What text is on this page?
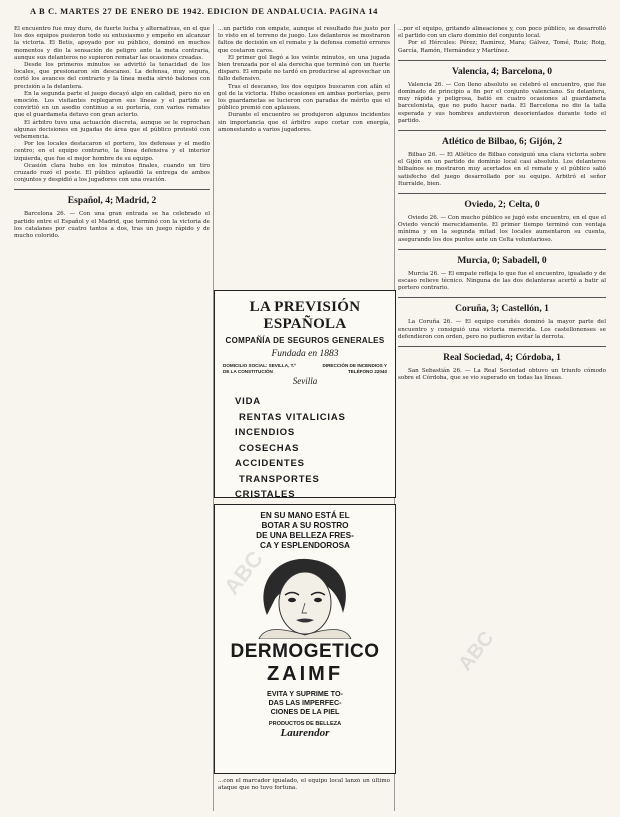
A B C. MARTES 27 DE ENERO DE 1942. EDICION DE ANDALUCIA. PAGINA 14

El encuentro fue muy duro, de fuerte lucha y alternativas, en el que los dos equipos pusieron todo su entusiasmo y empeño en alcanzar la victoria. El Betis, apoyado por su público, dominó en muchos momentos y dio la sensación de peligro ante la meta contraria, aunque sus delanteros no supieron rematar las ocasiones creadas.

Desde los primeros minutos se advirtió la tenacidad de los locales, que presionaron sin descanso. La defensa, muy segura, cortó los avances del contrario y la línea media sirvió balones con precisión a la delantera.

En la segunda parte el juego decayó algo en calidad, pero no en emoción. Los visitantes replegaron sus líneas y el partido se convirtió en un asedio continuo a su portería, con varios remates que el guardameta detuvo con gran acierto.

El árbitro tuvo una actuación discreta, aunque se le reprochan algunas decisiones en jugadas de área que el público protestó con vehemencia.

Por los locales destacaron el portero, los defensas y el medio centro; en el equipo contrario, la línea defensiva y el interior izquierda, que fue el mejor hombre de su equipo.

Ocasión clara hubo en los minutos finales, cuando un tiro cruzado rozó el poste. El público aplaudió la entrega de ambos conjuntos y despidió a los jugadores con una ovación.

Español, 4; Madrid, 2

Barcelona 26. — Con una gran entrada se ha celebrado el partido entre el Español y el Madrid, que terminó con la victoria de los catalanes por cuatro tantos a dos, tras un juego rápido y de mucho colorido.

...un partido con empate, aunque el resultado fue justo por lo visto en el terreno de juego. Los delanteros se mostraron faltos de decisión en el remate y la defensa cometió errores que costaron caros.

El primer gol llegó a los veinte minutos, en una jugada bien trenzada por el ala derecha que terminó con un fuerte disparo. El empate no tardó en producirse al aprovechar un fallo defensivo.

Tras el descanso, los dos equipos buscaron con afán el gol de la victoria. Hubo ocasiones en ambas porterías, pero los guardametas se lucieron con paradas de mérito que el público premió con aplausos.

Durante el encuentro se produjeron algunos incidentes sin importancia que el árbitro supo cortar con energía, amonestando a varios jugadores.

LA PREVISIÓN ESPAÑOLA
COMPAÑÍA DE SEGUROS GENERALES
Fundada en 1883
DOMICILIO SOCIAL: SEVILLA, T.º DE LA CONSTITUCIÓN
DIRECCIÓN DE INCENDIOS Y TELÉFONO 22040
Sevilla
VIDA
RENTAS VITALICIAS
INCENDIOS
COSECHAS
ACCIDENTES
TRANSPORTES
CRISTALES
EN SU MANO ESTÁ EL
BOTAR A SU ROSTRO
DE UNA BELLEZA FRES-
CA Y ESPLENDOROSA
DERMOGETICO
ZAIMF
EVITA Y SUPRIME TO-
DAS LAS IMPERFEC-
CIONES DE LA PIEL
PRODUCTOS DE BELLEZA
Laurendor

...con el marcador igualado, el equipo local lanzó un último ataque que no tuvo fortuna.

...por el equipo, gritando alineaciones y, con poco público, se desarrolló el partido con un claro dominio del conjunto local.

Por el Hércules: Pérez; Ramírez, Mara; Gálvez, Tomé, Ruiz; Roig, García, Ramón, Hernández y Martínez.

Valencia, 4; Barcelona, 0

Valencia 26. — Con lleno absoluto se celebró el encuentro, que fue dominado de principio a fin por el conjunto valenciano. Su delantera, muy rápida y peligrosa, batió en cuatro ocasiones al guardameta barcelonista, que no pudo hacer nada. El Barcelona no dio la talla esperada y sus hombres anduvieron desorientados durante todo el partido.

Atlético de Bilbao, 6; Gijón, 2

Bilbao 26. — El Atlético de Bilbao consiguió una clara victoria sobre el Gijón en un partido de dominio local casi absoluto. Los delanteros bilbaínos se mostraron muy acertados en el remate y el público salió satisfecho del juego desarrollado por su equipo. Arbitró el señor Iturralde, bien.

Oviedo, 2; Celta, 0

Oviedo 26. — Con mucho público se jugó este encuentro, en el que el Oviedo venció merecidamente. El primer tiempo terminó con ventaja mínima y en la segunda mitad los locales aumentaron su cuenta, asegurando los dos puntos ante un Celta voluntarioso.

Murcia, 0; Sabadell, 0

Murcia 26. — El empate refleja lo que fue el encuentro, igualado y de escaso relieve técnico. Ninguna de las dos delanteras acertó a batir al portero contrario.

Coruña, 3; Castellón, 1

La Coruña 26. — El equipo coruñés dominó la mayor parte del encuentro y consiguió una victoria merecida. Los castellonenses se defendieron con orden, pero no pudieron evitar la derrota.

Real Sociedad, 4; Córdoba, 1

San Sebastián 26. — La Real Sociedad obtuvo un triunfo cómodo sobre el Córdoba, que se vio superado en todas las líneas.

ABC
